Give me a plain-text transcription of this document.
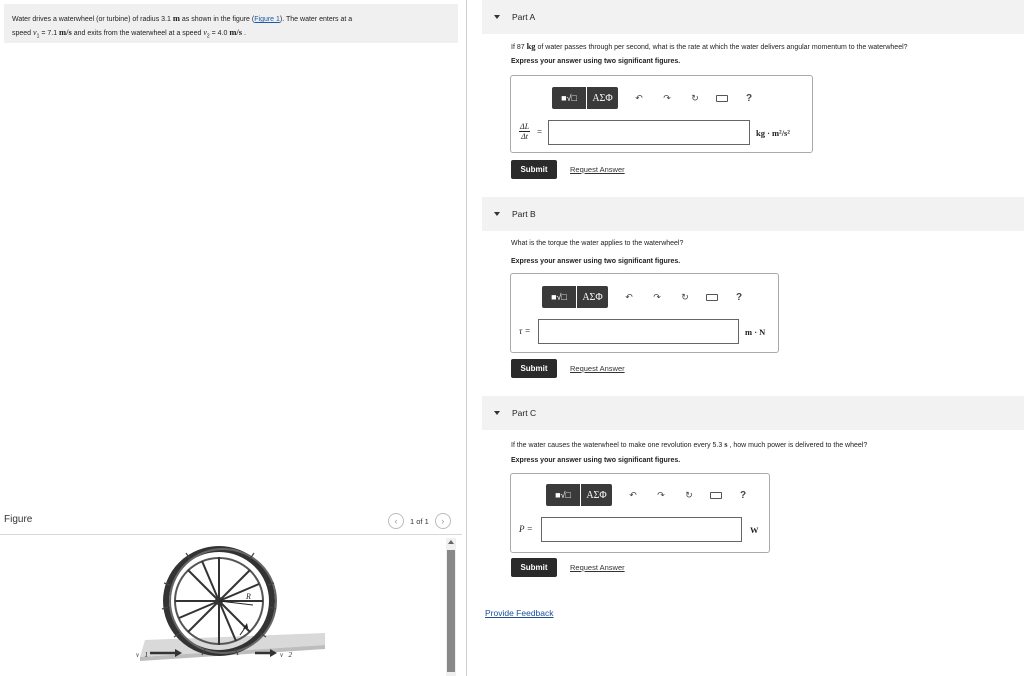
Water drives a waterwheel (or turbine) of radius 3.1 m as shown in the figure (Figure 1). The water enters at a
speed $v_1 = 7.1$ m/s and exits from the waterwheel at a speed $v_2 = 4.0$ m/s .
Figure	‹	1 of 1	›
R
v⃗1	v⃗2
Part A
If 87 kg of water passes through per second, what is the rate at which the water delivers angular momentum to the waterwheel?
Express your answer using two significant figures.
■√□	AΣΦ	↶	↷	↻	?
$\frac{\Delta L}{\Delta t}$ =	kg · m²/s²
Submit	Request Answer
Part B
What is the torque the water applies to the waterwheel?
Express your answer using two significant figures.
■√□	AΣΦ	↶	↷	↻	?
τ =	m · N
Submit	Request Answer
Part C
If the water causes the waterwheel to make one revolution every 5.3 s , how much power is delivered to the wheel?
Express your answer using two significant figures.
■√□	AΣΦ	↶	↷	↻	?
P =	W
Submit	Request Answer
Provide Feedback
